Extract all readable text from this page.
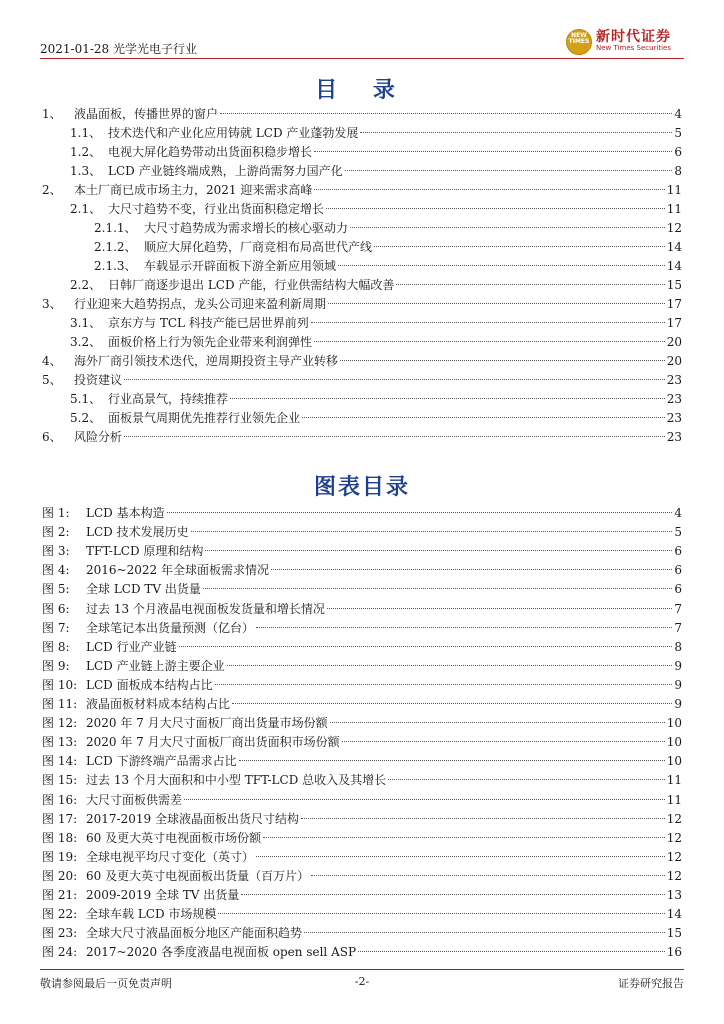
2021-01-28 光学光电子行业
NEW TIMES 新时代证券
New Times Securities
目 录
1、	液晶面板，传播世界的窗户	4
1.1、 技术迭代和产业化应用铸就 LCD 产业蓬勃发展	5
1.2、 电视大屏化趋势带动出货面积稳步增长	6
1.3、 LCD 产业链终端成熟，上游尚需努力国产化	8
2、	本土厂商已成市场主力，2021 迎来需求高峰	11
2.1、 大尺寸趋势不变，行业出货面积稳定增长	11
2.1.1、 大尺寸趋势成为需求增长的核心驱动力	12
2.1.2、 顺应大屏化趋势，厂商竞相布局高世代产线	14
2.1.3、 车载显示开辟面板下游全新应用领域	14
2.2、 日韩厂商逐步退出 LCD 产能，行业供需结构大幅改善	15
3、	行业迎来大趋势拐点，龙头公司迎来盈利新周期	17
3.1、 京东方与 TCL 科技产能已居世界前列	17
3.2、 面板价格上行为领先企业带来利润弹性	20
4、	海外厂商引领技术迭代，逆周期投资主导产业转移	20
5、	投资建议	23
5.1、 行业高景气，持续推荐	23
5.2、 面板景气周期优先推荐行业领先企业	23
6、	风险分析	23
图表目录
图 1:	LCD 基本构造	4
图 2:	LCD 技术发展历史	5
图 3:	TFT-LCD 原理和结构	6
图 4:	2016~2022 年全球面板需求情况	6
图 5:	全球 LCD TV 出货量	6
图 6:	过去 13 个月液晶电视面板发货量和增长情况	7
图 7:	全球笔记本出货量预测（亿台）	7
图 8:	LCD 行业产业链	8
图 9:	LCD 产业链上游主要企业	9
图 10: LCD 面板成本结构占比	9
图 11: 液晶面板材料成本结构占比	9
图 12: 2020 年 7 月大尺寸面板厂商出货量市场份额	10
图 13: 2020 年 7 月大尺寸面板厂商出货面积市场份额	10
图 14: LCD 下游终端产品需求占比	10
图 15: 过去 13 个月大面积和中小型 TFT-LCD 总收入及其增长	11
图 16: 大尺寸面板供需差	11
图 17: 2017-2019 全球液晶面板出货尺寸结构	12
图 18: 60 及更大英寸电视面板市场份额	12
图 19: 全球电视平均尺寸变化（英寸）	12
图 20: 60 及更大英寸电视面板出货量（百万片）	12
图 21: 2009-2019 全球 TV 出货量	13
图 22: 全球车载 LCD 市场规模	14
图 23: 全球大尺寸液晶面板分地区产能面积趋势	15
图 24: 2017~2020 各季度液晶电视面板 open sell ASP	16
敬请参阅最后一页免责声明	-2-	证券研究报告
